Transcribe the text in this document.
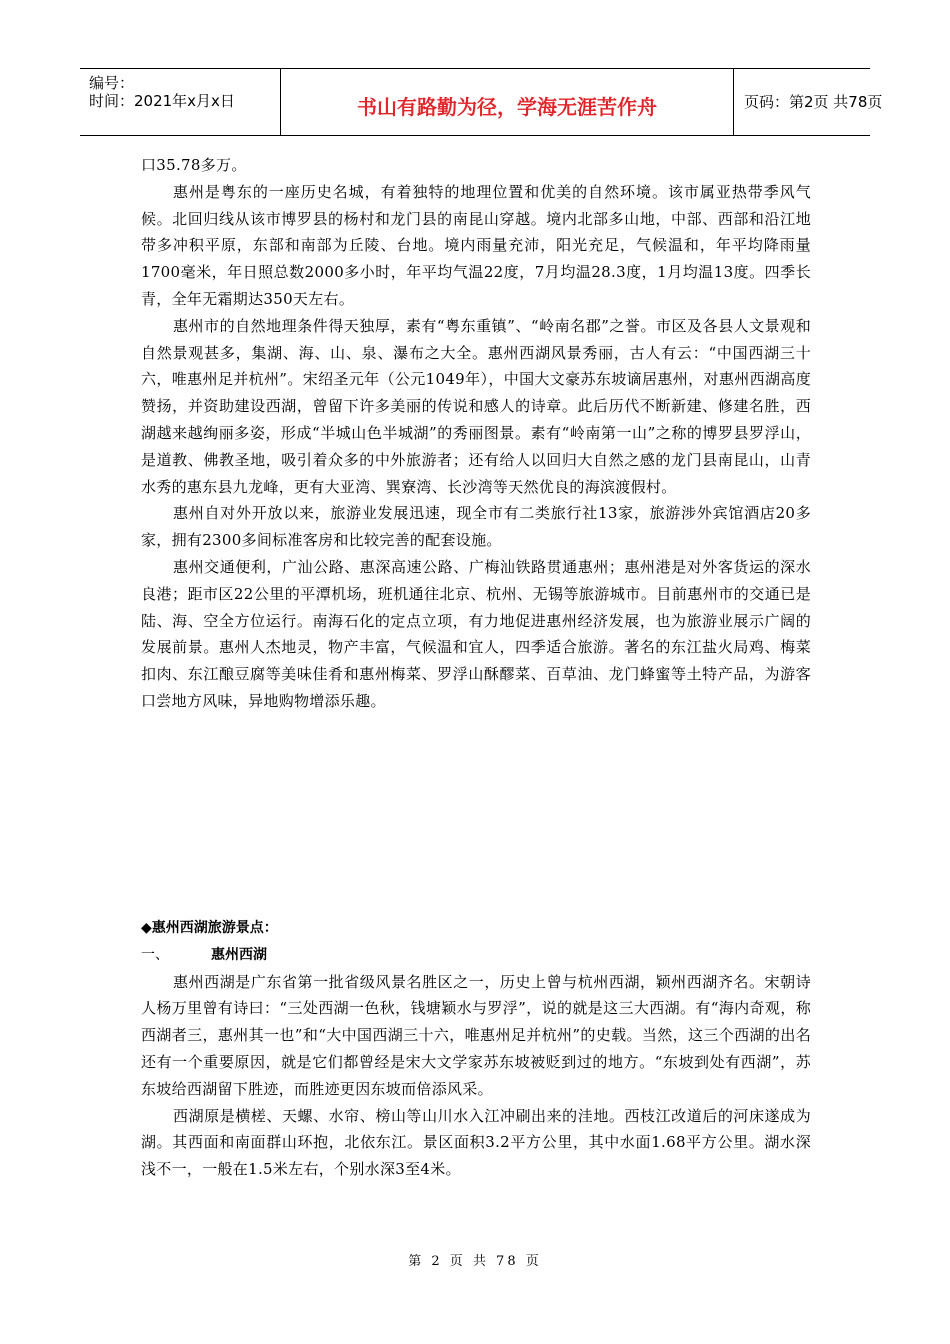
编号：
时间：2021年x月x日	书山有路勤为径，学海无涯苦作舟	页码：第2页 共78页

口35.78多万。

惠州是粤东的一座历史名城，有着独特的地理位置和优美的自然环境。该市属亚热带季风气候。北回归线从该市博罗县的杨村和龙门县的南昆山穿越。境内北部多山地，中部、西部和沿江地带多冲积平原，东部和南部为丘陵、台地。境内雨量充沛，阳光充足，气候温和，年平均降雨量1700毫米，年日照总数2000多小时，年平均气温22度，7月均温28.3度，1月均温13度。四季长青，全年无霜期达350天左右。

惠州市的自然地理条件得天独厚，素有“粤东重镇”、“岭南名郡”之誉。市区及各县人文景观和自然景观甚多，集湖、海、山、泉、瀑布之大全。惠州西湖风景秀丽，古人有云：“中国西湖三十六，唯惠州足并杭州”。宋绍圣元年（公元1049年），中国大文豪苏东坡谪居惠州，对惠州西湖高度赞扬，并资助建设西湖，曾留下许多美丽的传说和感人的诗章。此后历代不断新建、修建名胜，西湖越来越绚丽多姿，形成“半城山色半城湖”的秀丽图景。素有“岭南第一山”之称的博罗县罗浮山，是道教、佛教圣地，吸引着众多的中外旅游者；还有给人以回归大自然之感的龙门县南昆山，山青水秀的惠东县九龙峰，更有大亚湾、巽寮湾、长沙湾等天然优良的海滨渡假村。

惠州自对外开放以来，旅游业发展迅速，现全市有二类旅行社13家，旅游涉外宾馆酒店20多家，拥有2300多间标准客房和比较完善的配套设施。

惠州交通便利，广汕公路、惠深高速公路、广梅汕铁路贯通惠州；惠州港是对外客货运的深水良港；距市区22公里的平潭机场，班机通往北京、杭州、无锡等旅游城市。目前惠州市的交通已是陆、海、空全方位运行。南海石化的定点立项，有力地促进惠州经济发展，也为旅游业展示广阔的发展前景。惠州人杰地灵，物产丰富，气候温和宜人，四季适合旅游。著名的东江盐火局鸡、梅菜扣肉、东江酿豆腐等美味佳肴和惠州梅菜、罗浮山酥醪菜、百草油、龙门蜂蜜等土特产品，为游客口尝地方风味，异地购物增添乐趣。

◆惠州西湖旅游景点：

一、	惠州西湖

惠州西湖是广东省第一批省级风景名胜区之一，历史上曾与杭州西湖，颖州西湖齐名。宋朝诗人杨万里曾有诗曰：“三处西湖一色秋，钱塘颖水与罗浮”，说的就是这三大西湖。有“海内奇观，称西湖者三，惠州其一也”和“大中国西湖三十六，唯惠州足并杭州”的史载。当然，这三个西湖的出名还有一个重要原因，就是它们都曾经是宋大文学家苏东坡被贬到过的地方。“东坡到处有西湖”，苏东坡给西湖留下胜迹，而胜迹更因东坡而倍添风采。

西湖原是横槎、天螺、水帘、榜山等山川水入江冲刷出来的洼地。西枝江改道后的河床遂成为湖。其西面和南面群山环抱，北依东江。景区面积3.2平方公里，其中水面1.68平方公里。湖水深浅不一，一般在1.5米左右，个别水深3至4米。

第 2 页 共 78 页
